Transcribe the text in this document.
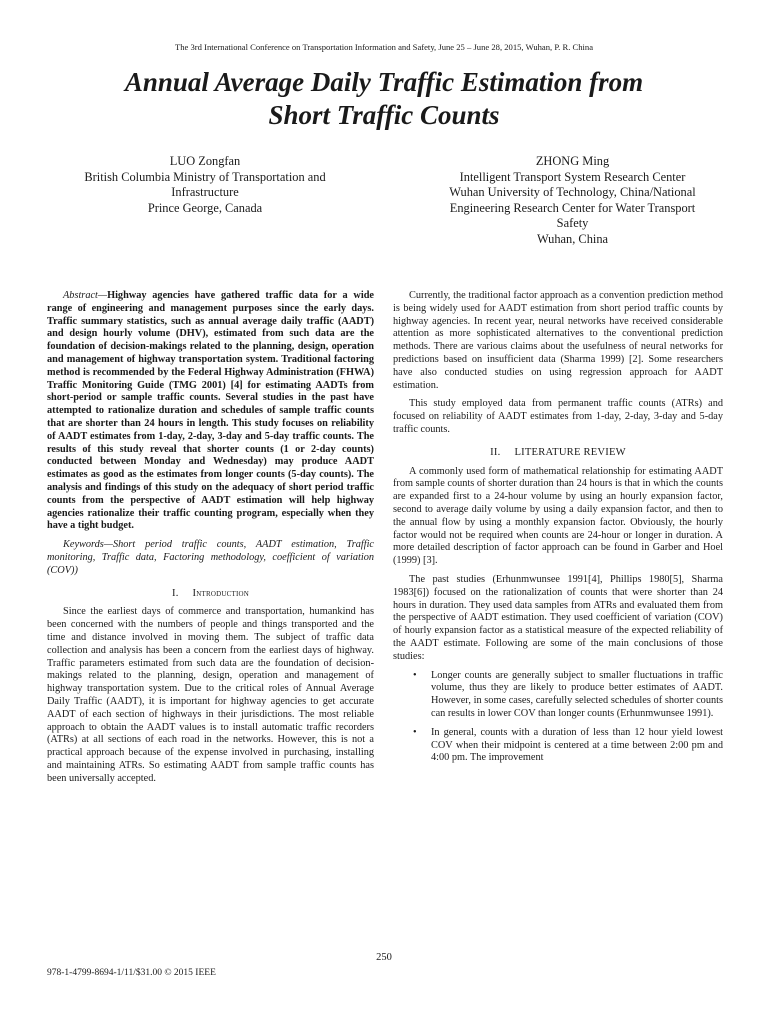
The 3rd International Conference on Transportation Information and Safety, June 25 – June 28, 2015, Wuhan, P. R. China
Annual Average Daily Traffic Estimation from
Short Traffic Counts
LUO Zongfan
British Columbia Ministry of Transportation and
Infrastructure
Prince George, Canada
ZHONG Ming
Intelligent Transport System Research Center
Wuhan University of Technology, China/National
Engineering Research Center for Water Transport
Safety
Wuhan, China

Abstract—Highway agencies have gathered traffic data for a wide range of engineering and management purposes since the early days. Traffic summary statistics, such as annual average daily traffic (AADT) and design hourly volume (DHV), estimated from such data are the foundation of decision-makings related to the planning, design, operation and management of highway transportation system. Traditional factoring method is recommended by the Federal Highway Administration (FHWA) Traffic Monitoring Guide (TMG 2001) [4] for estimating AADTs from short-period or sample traffic counts. Several studies in the past have attempted to rationalize duration and schedules of sample traffic counts that are shorter than 24 hours in length. This study focuses on reliability of AADT estimates from 1-day, 2-day, 3-day and 5-day traffic counts. The results of this study reveal that shorter counts (1 or 2-day counts) conducted between Monday and Wednesday) may produce AADT estimates as good as the estimates from longer counts (5-day counts). The analysis and findings of this study on the adequacy of short period traffic counts from the perspective of AADT estimation will help highway agencies rationalize their traffic counting program, especially when they have a tight budget.

Keywords—Short period traffic counts, AADT estimation, Traffic monitoring, Traffic data, Factoring methodology, coefficient of variation (COV))

I. Introduction

Since the earliest days of commerce and transportation, humankind has been concerned with the numbers of people and things transported and the time and distance involved in moving them. The subject of traffic data collection and analysis has been a concern from the earliest days of highway. Traffic parameters estimated from such data are the foundation of decision-makings related to the planning, design, operation and management of highway transportation system. Due to the critical roles of Annual Average Daily Traffic (AADT), it is important for highway agencies to get accurate AADT of each section of highways in their jurisdictions. The most reliable approach to obtain the AADT values is to install automatic traffic recorders (ATRs) at all sections of each road in the networks. However, this is not a practical approach because of the expense involved in purchasing, installing and maintaining ATRs. So estimating AADT from sample traffic counts has been universally accepted.

Currently, the traditional factor approach as a convention prediction method is being widely used for AADT estimation from short period traffic counts by highway agencies. In recent year, neural networks have received considerable attention as more sophisticated alternatives to the conventional prediction methods. There are various claims about the usefulness of neural networks for predictions based on insufficient data (Sharma 1999) [2]. Some researchers have also conducted studies on using regression approach for AADT estimation.

This study employed data from permanent traffic counts (ATRs) and focused on reliability of AADT estimates from 1-day, 2-day, 3-day and 5-day traffic counts.

II. LITERATURE REVIEW

A commonly used form of mathematical relationship for estimating AADT from sample counts of shorter duration than 24 hours is that in which the counts are expanded first to a 24-hour volume by using an hourly expansion factor, second to average daily volume by using a daily expansion factor, and then to the annual flow by using a monthly expansion factor. Obviously, the hourly factor would not be required when counts are 24-hour or longer in duration. A more detailed description of factor approach can be found in Garber and Hoel (1999) [3].

The past studies (Erhunmwunsee 1991[4], Phillips 1980[5], Sharma 1983[6]) focused on the rationalization of counts that were shorter than 24 hours in duration. They used data samples from ATRs and evaluated them from the perspective of AADT estimation. They used coefficient of variation (COV) of hourly expansion factor as a statistical measure of the expected reliability of the AADT estimate. Following are some of the main conclusions of those studies:

• Longer counts are generally subject to smaller fluctuations in traffic volume, thus they are likely to produce better estimates of AADT. However, in some cases, carefully selected schedules of shorter counts can results in lower COV than longer counts (Erhunmwunsee 1991).
• In general, counts with a duration of less than 12 hour yield lowest COV when their midpoint is centered at a time between 2:00 pm and 4:00 pm. The improvement
250
978-1-4799-8694-1/11/$31.00 © 2015 IEEE
